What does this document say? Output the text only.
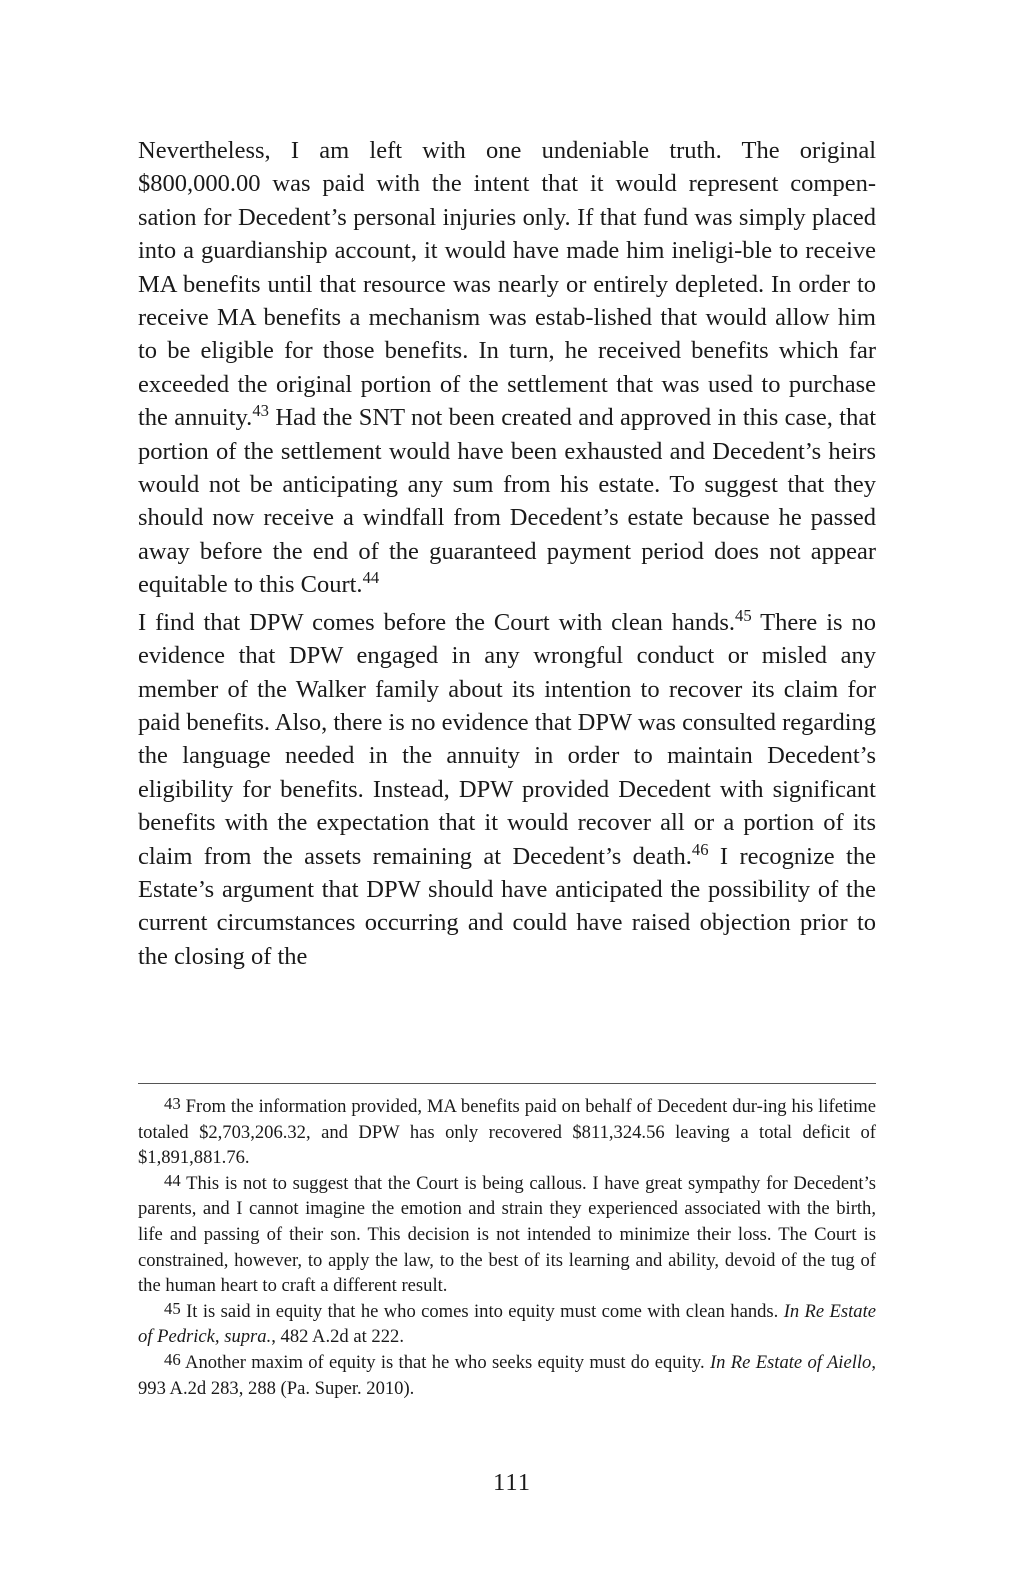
Nevertheless, I am left with one undeniable truth. The original $800,000.00 was paid with the intent that it would represent compen-sation for Decedent’s personal injuries only. If that fund was simply placed into a guardianship account, it would have made him ineligi-ble to receive MA benefits until that resource was nearly or entirely depleted. In order to receive MA benefits a mechanism was estab-lished that would allow him to be eligible for those benefits. In turn, he received benefits which far exceeded the original portion of the settlement that was used to purchase the annuity.$^{43}$ Had the SNT not been created and approved in this case, that portion of the settlement would have been exhausted and Decedent’s heirs would not be anticipating any sum from his estate. To suggest that they should now receive a windfall from Decedent’s estate because he passed away before the end of the guaranteed payment period does not appear equitable to this Court.$^{44}$

I find that DPW comes before the Court with clean hands.$^{45}$ There is no evidence that DPW engaged in any wrongful conduct or misled any member of the Walker family about its intention to recover its claim for paid benefits. Also, there is no evidence that DPW was consulted regarding the language needed in the annuity in order to maintain Decedent’s eligibility for benefits. Instead, DPW provided Decedent with significant benefits with the expectation that it would recover all or a portion of its claim from the assets remaining at Decedent’s death.$^{46}$ I recognize the Estate’s argument that DPW should have anticipated the possibility of the current circumstances occurring and could have raised objection prior to the closing of the

$^{43}$ From the information provided, MA benefits paid on behalf of Decedent dur-ing his lifetime totaled $2,703,206.32, and DPW has only recovered $811,324.56 leaving a total deficit of $1,891,881.76.

$^{44}$ This is not to suggest that the Court is being callous. I have great sympathy for Decedent’s parents, and I cannot imagine the emotion and strain they experienced associated with the birth, life and passing of their son. This decision is not intended to minimize their loss. The Court is constrained, however, to apply the law, to the best of its learning and ability, devoid of the tug of the human heart to craft a different result.

$^{45}$ It is said in equity that he who comes into equity must come with clean hands. In Re Estate of Pedrick, supra., 482 A.2d at 222.

$^{46}$ Another maxim of equity is that he who seeks equity must do equity. In Re Estate of Aiello, 993 A.2d 283, 288 (Pa. Super. 2010).

111
